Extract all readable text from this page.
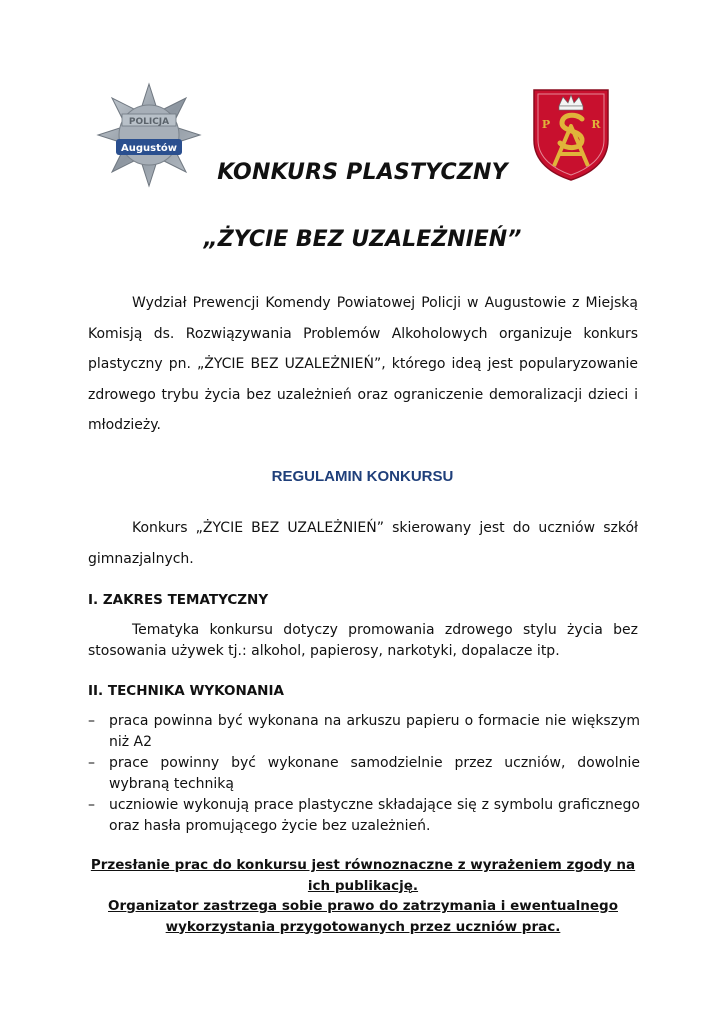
POLICJA
Augustów
P	R
KONKURS PLASTYCZNY
„ŻYCIE BEZ UZALEŻNIEŃ”
Wydział Prewencji Komendy Powiatowej Policji w Augustowie z Miejską Komisją ds. Rozwiązywania Problemów Alkoholowych organizuje konkurs plastyczny pn. „ŻYCIE BEZ UZALEŻNIEŃ”, którego ideą jest popularyzowanie zdrowego trybu życia bez uzależnień oraz ograniczenie demoralizacji dzieci i młodzieży.
REGULAMIN KONKURSU
Konkurs „ŻYCIE BEZ UZALEŻNIEŃ” skierowany jest do uczniów szkół gimnazjalnych.
I. ZAKRES TEMATYCZNY
Tematyka konkursu dotyczy promowania zdrowego stylu życia bez stosowania używek tj.: alkohol, papierosy, narkotyki, dopalacze itp.
II. TECHNIKA WYKONANIA
– praca powinna być wykonana na arkuszu papieru o formacie nie większym niż A2
– prace powinny być wykonane samodzielnie przez uczniów, dowolnie wybraną techniką
– uczniowie wykonują prace plastyczne składające się z symbolu graficznego oraz hasła promującego życie bez uzależnień.
Przesłanie prac do konkursu jest równoznaczne z wyrażeniem zgody na ich publikację.
Organizator zastrzega sobie prawo do zatrzymania i ewentualnego wykorzystania przygotowanych przez uczniów prac.
